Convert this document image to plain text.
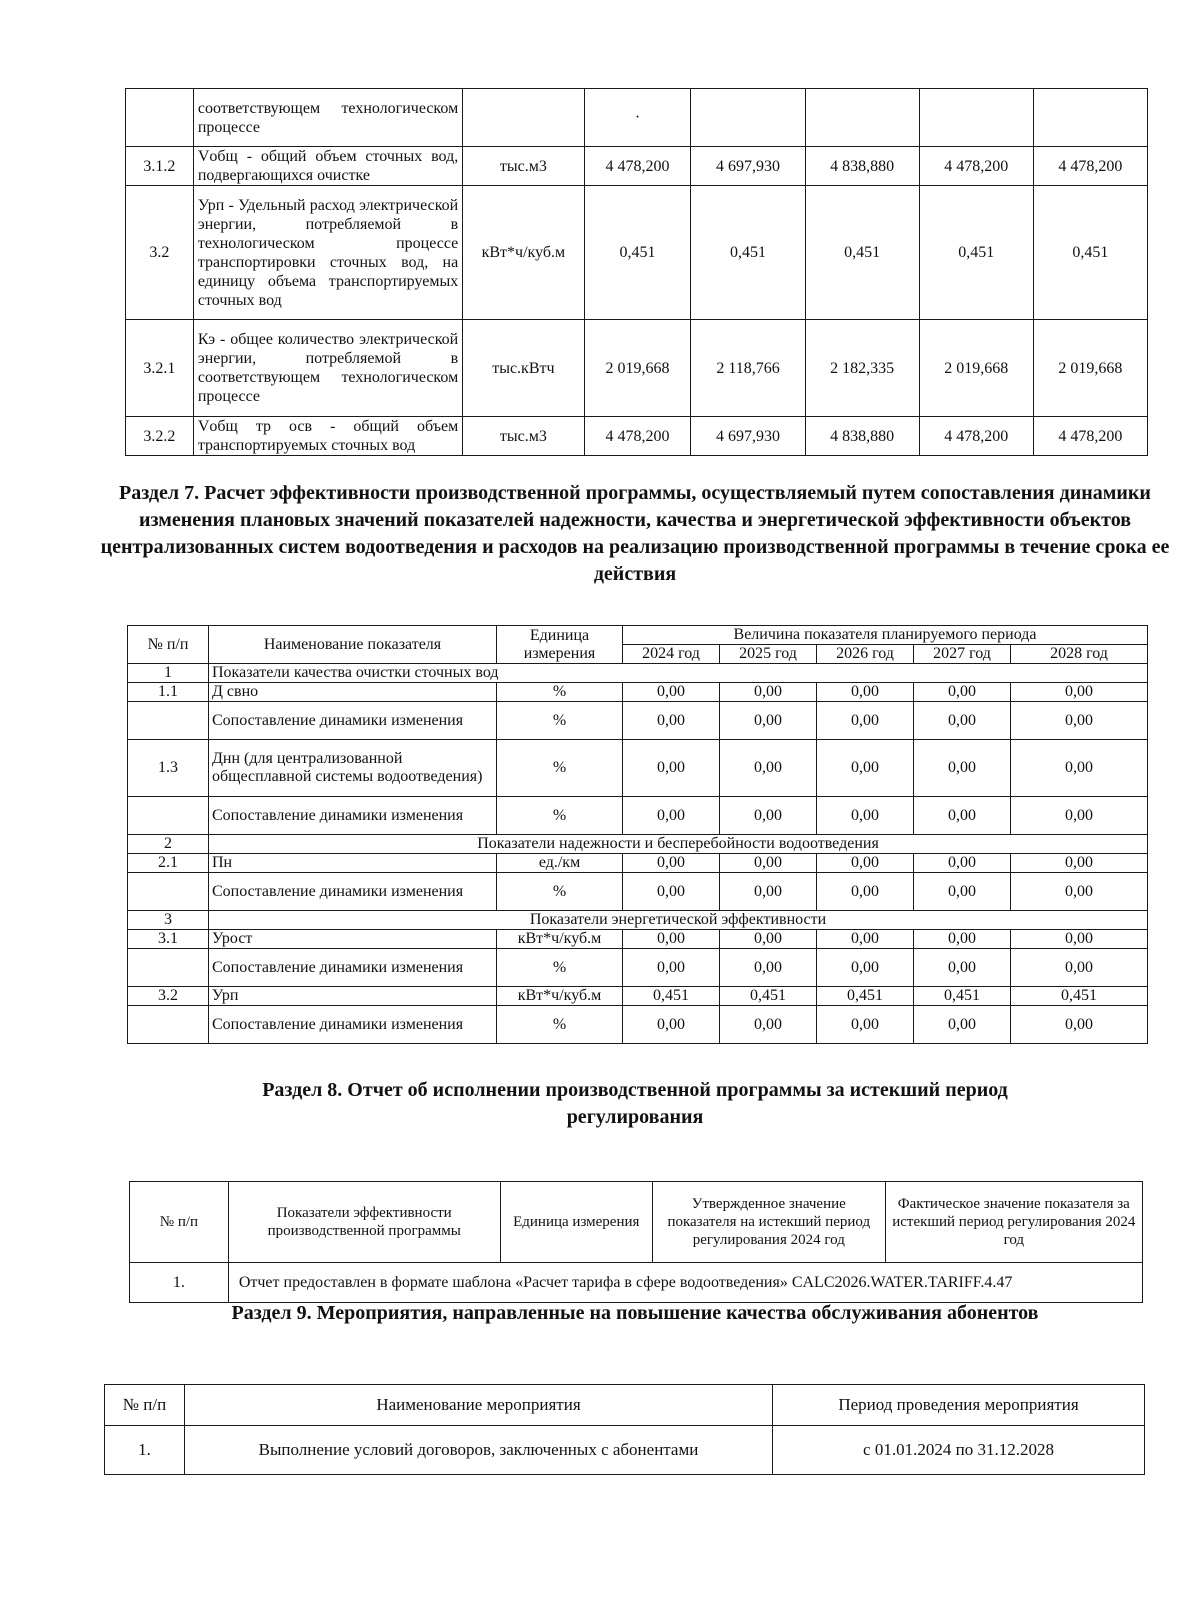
	соответствующем технологическом процессе		·				
3.1.2	Vобщ - общий объем сточных вод, подвергающихся очистке	тыс.м3	4 478,200	4 697,930	4 838,880	4 478,200	4 478,200
3.2	Урп - Удельный расход электрической энергии, потребляемой в технологическом процессе транспортировки сточных вод, на единицу объема транспортируемых сточных вод	кВт*ч/куб.м	0,451	0,451	0,451	0,451	0,451
3.2.1	Кэ - общее количество электрической энергии, потребляемой в соответствующем технологическом процессе	тыс.кВтч	2 019,668	2 118,766	2 182,335	2 019,668	2 019,668
3.2.2	Vобщ тр осв - общий объем транспортируемых сточных вод	тыс.м3	4 478,200	4 697,930	4 838,880	4 478,200	4 478,200
Раздел 7. Расчет эффективности производственной программы, осуществляемый путем сопоставления динамики изменения плановых значений показателей надежности, качества и энергетической эффективности объектов централизованных систем водоотведения и расходов на реализацию производственной программы в течение срока ее действия
№ п/п	Наименование показателя	Единица измерения	Величина показателя планируемого периода				
			2024 год	2025 год	2026 год	2027 год	2028 год
1	Показатели качества очистки сточных вод						
1.1	Д свно	%	0,00	0,00	0,00	0,00	0,00
	Сопоставление динамики изменения	%	0,00	0,00	0,00	0,00	0,00
1.3	Днн (для централизованной общесплавной системы водоотведения)	%	0,00	0,00	0,00	0,00	0,00
	Сопоставление динамики изменения	%	0,00	0,00	0,00	0,00	0,00
2	Показатели надежности и бесперебойности водоотведения						
2.1	Пн	ед./км	0,00	0,00	0,00	0,00	0,00
	Сопоставление динамики изменения	%	0,00	0,00	0,00	0,00	0,00
3	Показатели энергетической эффективности						
3.1	Урост	кВт*ч/куб.м	0,00	0,00	0,00	0,00	0,00
	Сопоставление динамики изменения	%	0,00	0,00	0,00	0,00	0,00
3.2	Урп	кВт*ч/куб.м	0,451	0,451	0,451	0,451	0,451
	Сопоставление динамики изменения	%	0,00	0,00	0,00	0,00	0,00
Раздел 8. Отчет об исполнении производственной программы за истекший период регулирования
№ п/п	Показатели эффективности производственной программы	Единица измерения	Утвержденное значение показателя на истекший период регулирования 2024 год	Фактическое значение показателя за истекший период регулирования 2024 год
1.	Отчет предоставлен в формате шаблона «Расчет тарифа в сфере водоотведения» CALC2026.WATER.TARIFF.4.47			
Раздел 9. Мероприятия, направленные на повышение качества обслуживания абонентов
№ п/п	Наименование мероприятия	Период проведения мероприятия
1.	Выполнение условий договоров, заключенных с абонентами	с 01.01.2024 по 31.12.2028
